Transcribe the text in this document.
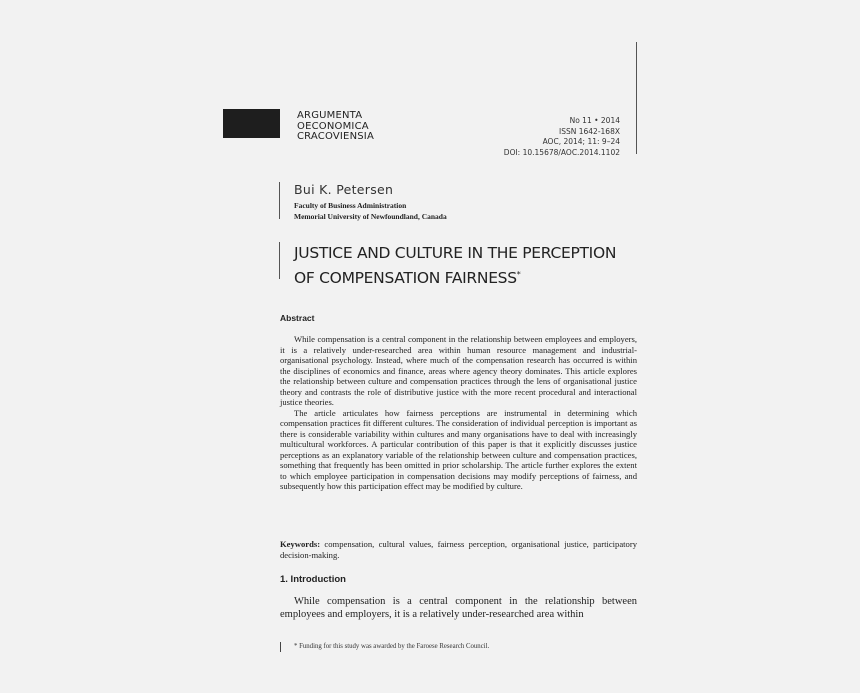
ARGUMENTA
OECONOMICA
CRACOVIENSIA
No 11 • 2014
ISSN 1642-168X
AOC, 2014; 11: 9–24
DOI: 10.15678/AOC.2014.1102
Bui K. Petersen
Faculty of Business Administration
Memorial University of Newfoundland, Canada
JUSTICE AND CULTURE IN THE PERCEPTION
OF COMPENSATION FAIRNESS*
Abstract

While compensation is a central component in the relationship between employees and employers, it is a relatively under-researched area within human resource management and industrial-organisational psychology. Instead, where much of the compensation research has occurred is within the disciplines of economics and finance, areas where agency theory dominates. This article explores the relationship between culture and compensation practices through the lens of organisational justice theory and contrasts the role of distributive justice with the more recent procedural and interactional justice theories.

The article articulates how fairness perceptions are instrumental in determining which compensation practices fit different cultures. The consideration of individual perception is important as there is considerable variability within cultures and many organisations have to deal with increasingly multicultural workforces. A particular contribution of this paper is that it explicitly discusses justice perceptions as an explanatory variable of the relationship between culture and compensation practices, something that frequently has been omitted in prior scholarship. The article further explores the extent to which employee participation in compensation decisions may modify perceptions of fairness, and subsequently how this participation effect may be modified by culture.

Keywords: compensation, cultural values, fairness perception, organisational justice, participatory decision-making.

1. Introduction

While compensation is a central component in the relationship between employees and employers, it is a relatively under-researched area within

* Funding for this study was awarded by the Faroese Research Council.
